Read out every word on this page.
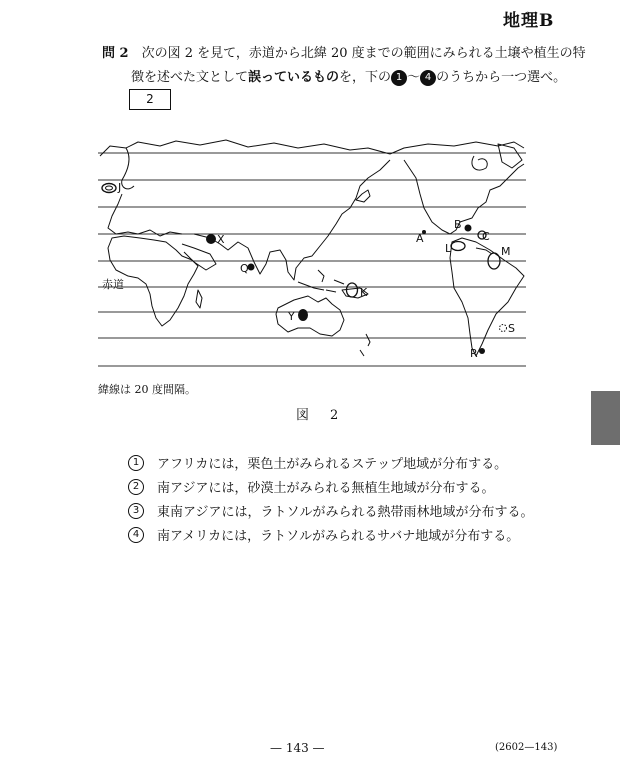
地理B
問 2　 次の図 2 を見て，赤道から北緯 20 度までの範囲にみられる土壌や植生の特
徴を述べた文として誤っているものを，下の 1 〜 4 のうちから一つ選べ。
2
J
X
Q
Y
K
A
B
L
C
M
S
R
赤道
緯線は 20 度間隔。
図　2
1	アフリカには，栗色土がみられるステップ地域が分布する。
2	南アジアには，砂漠土がみられる無植生地域が分布する。
3	東南アジアには，ラトソルがみられる熱帯雨林地域が分布する。
4	南アメリカには，ラトソルがみられるサバナ地域が分布する。
— 143 —	(2602—143)
